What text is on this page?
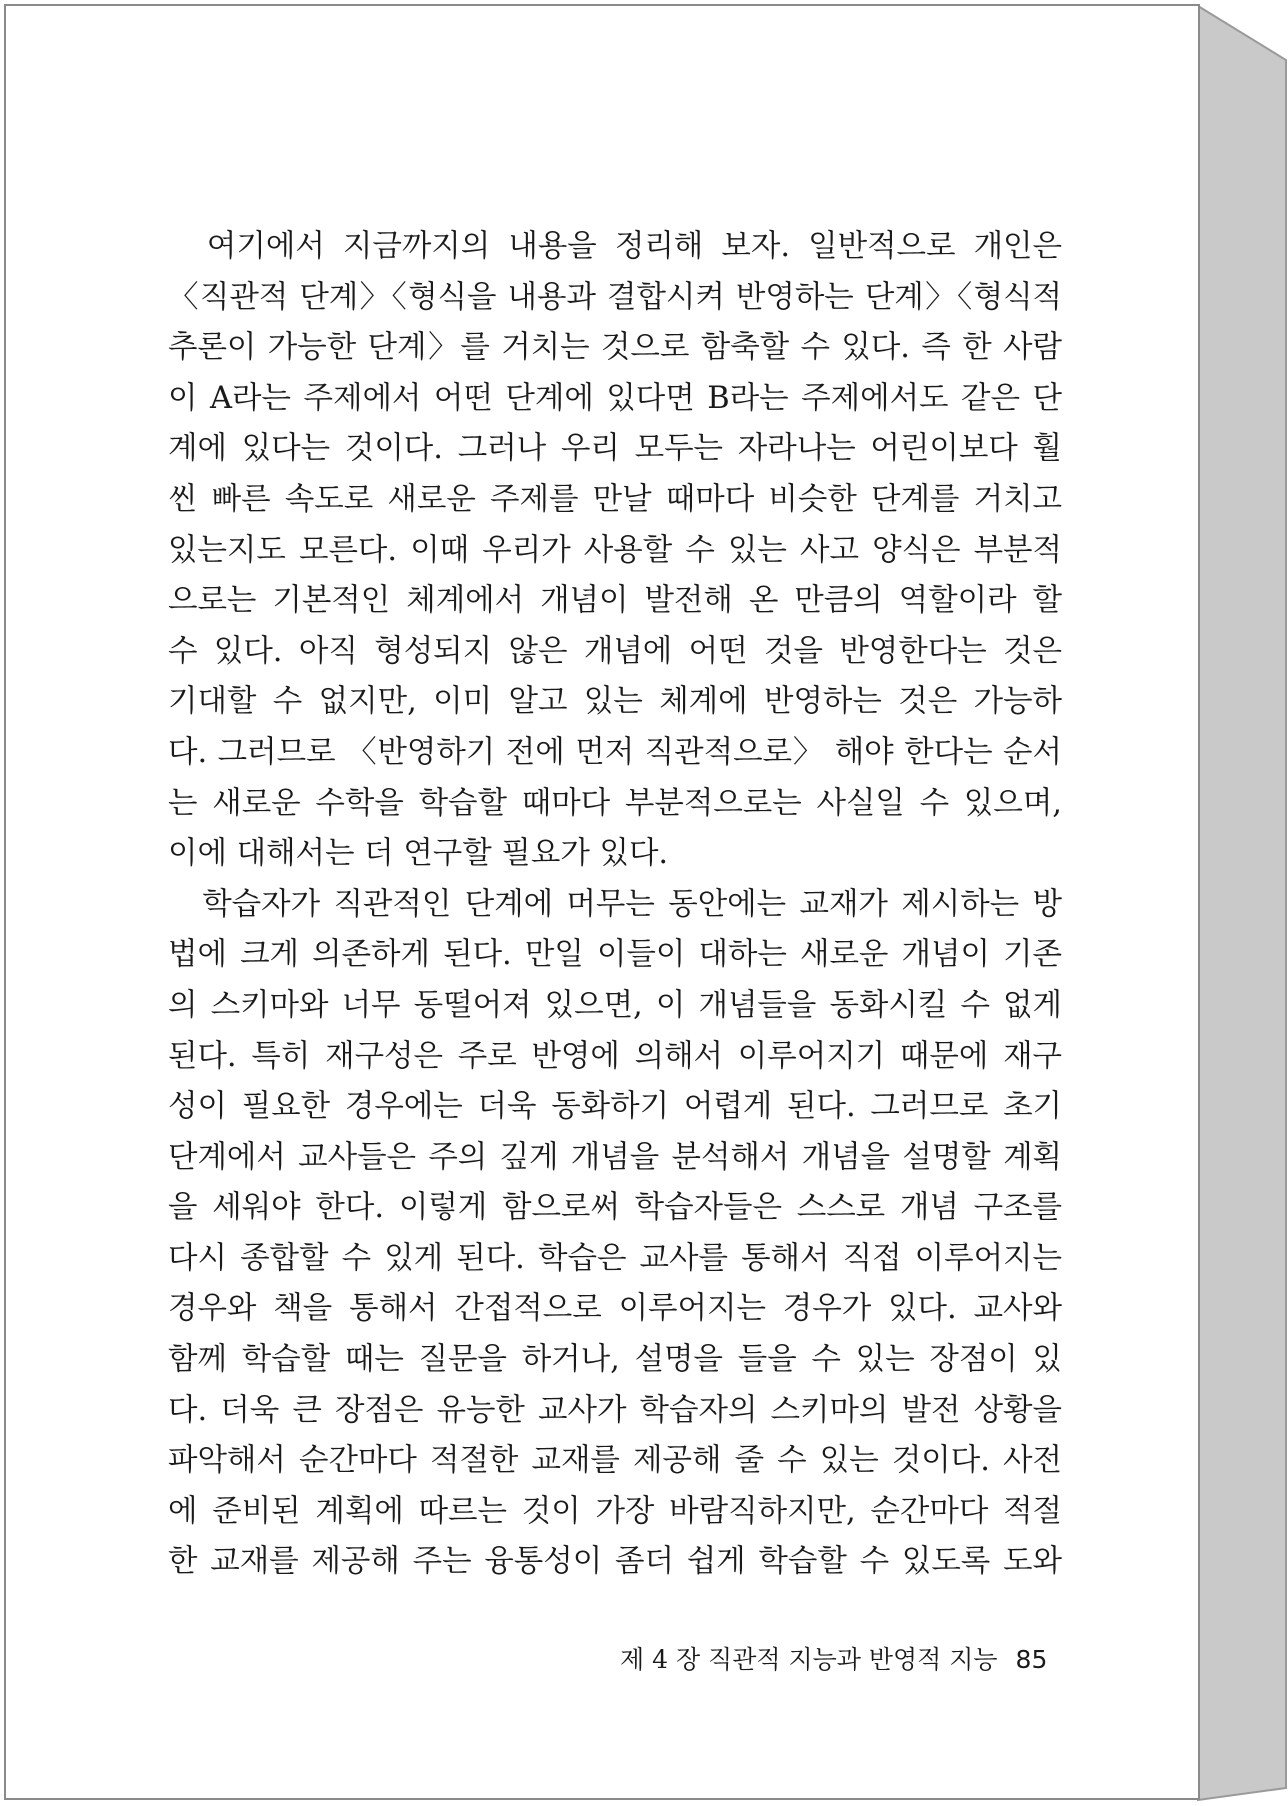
　여기에서 지금까지의 내용을 정리해 보자. 일반적으로 개인은
〈직관적 단계〉〈형식을 내용과 결합시켜 반영하는 단계〉〈형식적
추론이 가능한 단계〉를 거치는 것으로 함축할 수 있다. 즉 한 사람
이 A라는 주제에서 어떤 단계에 있다면 B라는 주제에서도 같은 단
계에 있다는 것이다. 그러나 우리 모두는 자라나는 어린이보다 훨
씬 빠른 속도로 새로운 주제를 만날 때마다 비슷한 단계를 거치고
있는지도 모른다. 이때 우리가 사용할 수 있는 사고 양식은 부분적
으로는 기본적인 체계에서 개념이 발전해 온 만큼의 역할이라 할
수 있다. 아직 형성되지 않은 개념에 어떤 것을 반영한다는 것은
기대할 수 없지만, 이미 알고 있는 체계에 반영하는 것은 가능하
다. 그러므로 〈반영하기 전에 먼저 직관적으로〉 해야 한다는 순서
는 새로운 수학을 학습할 때마다 부분적으로는 사실일 수 있으며,
이에 대해서는 더 연구할 필요가 있다.
　학습자가 직관적인 단계에 머무는 동안에는 교재가 제시하는 방
법에 크게 의존하게 된다. 만일 이들이 대하는 새로운 개념이 기존
의 스키마와 너무 동떨어져 있으면, 이 개념들을 동화시킬 수 없게
된다. 특히 재구성은 주로 반영에 의해서 이루어지기 때문에 재구
성이 필요한 경우에는 더욱 동화하기 어렵게 된다. 그러므로 초기
단계에서 교사들은 주의 깊게 개념을 분석해서 개념을 설명할 계획
을 세워야 한다. 이렇게 함으로써 학습자들은 스스로 개념 구조를
다시 종합할 수 있게 된다. 학습은 교사를 통해서 직접 이루어지는
경우와 책을 통해서 간접적으로 이루어지는 경우가 있다. 교사와
함께 학습할 때는 질문을 하거나, 설명을 들을 수 있는 장점이 있
다. 더욱 큰 장점은 유능한 교사가 학습자의 스키마의 발전 상황을
파악해서 순간마다 적절한 교재를 제공해 줄 수 있는 것이다. 사전
에 준비된 계획에 따르는 것이 가장 바람직하지만, 순간마다 적절
한 교재를 제공해 주는 융통성이 좀더 쉽게 학습할 수 있도록 도와
제 4 장 직관적 지능과 반영적 지능 85
